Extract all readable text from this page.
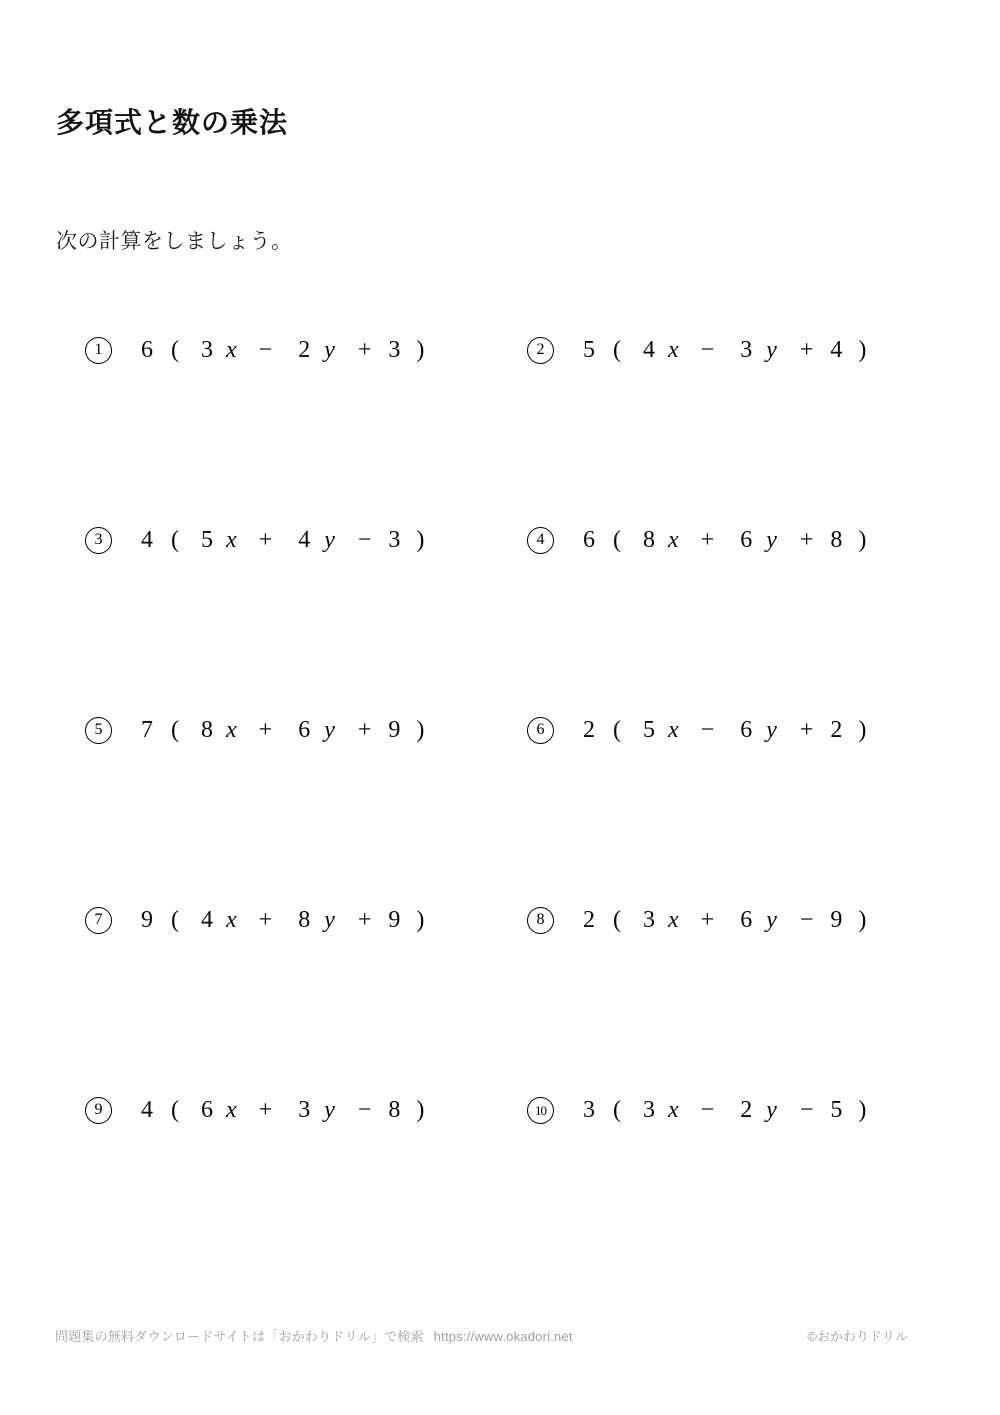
多項式と数の乗法

次の計算をしましょう。

1 6 ( 3 x − 2 y + 3 )	2 5 ( 4 x − 3 y + 4 )
3 4 ( 5 x + 4 y − 3 )	4 6 ( 8 x + 6 y + 8 )
5 7 ( 8 x + 6 y + 9 )	6 2 ( 5 x − 6 y + 2 )
7 9 ( 4 x + 8 y + 9 )	8 2 ( 3 x + 6 y − 9 )
9 4 ( 6 x + 3 y − 8 )	10 3 ( 3 x − 2 y − 5 )
問題集の無料ダウンロードサイトは「おかわりドリル」で検索 https://www.okadori.net	©おかわりドリル
